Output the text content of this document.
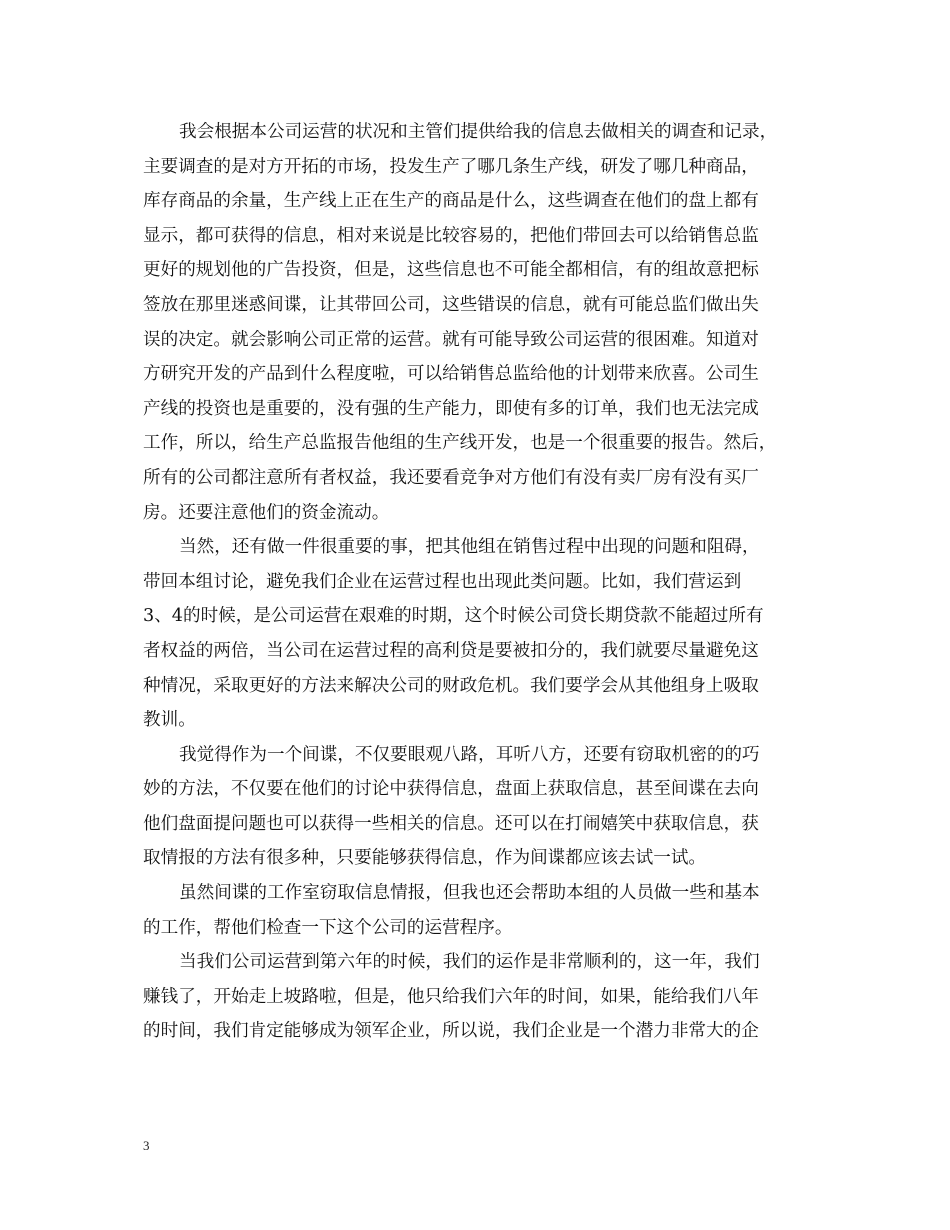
我会根据本公司运营的状况和主管们提供给我的信息去做相关的调查和记录，
主要调查的是对方开拓的市场，投发生产了哪几条生产线，研发了哪几种商品，
库存商品的余量，生产线上正在生产的商品是什么，这些调查在他们的盘上都有
显示，都可获得的信息，相对来说是比较容易的，把他们带回去可以给销售总监
更好的规划他的广告投资，但是，这些信息也不可能全都相信，有的组故意把标
签放在那里迷惑间谍，让其带回公司，这些错误的信息，就有可能总监们做出失
误的决定。就会影响公司正常的运营。就有可能导致公司运营的很困难。知道对
方研究开发的产品到什么程度啦，可以给销售总监给他的计划带来欣喜。公司生
产线的投资也是重要的，没有强的生产能力，即使有多的订单，我们也无法完成
工作，所以，给生产总监报告他组的生产线开发，也是一个很重要的报告。然后，
所有的公司都注意所有者权益，我还要看竞争对方他们有没有卖厂房有没有买厂
房。还要注意他们的资金流动。
当然，还有做一件很重要的事，把其他组在销售过程中出现的问题和阻碍，
带回本组讨论，避免我们企业在运营过程也出现此类问题。比如，我们营运到
3、4的时候，是公司运营在艰难的时期，这个时候公司贷长期贷款不能超过所有
者权益的两倍，当公司在运营过程的高利贷是要被扣分的，我们就要尽量避免这
种情况，采取更好的方法来解决公司的财政危机。我们要学会从其他组身上吸取
教训。
我觉得作为一个间谍，不仅要眼观八路，耳听八方，还要有窃取机密的的巧
妙的方法，不仅要在他们的讨论中获得信息，盘面上获取信息，甚至间谍在去向
他们盘面提问题也可以获得一些相关的信息。还可以在打闹嬉笑中获取信息，获
取情报的方法有很多种，只要能够获得信息，作为间谍都应该去试一试。
虽然间谍的工作室窃取信息情报，但我也还会帮助本组的人员做一些和基本
的工作，帮他们检查一下这个公司的运营程序。
当我们公司运营到第六年的时候，我们的运作是非常顺利的，这一年，我们
赚钱了，开始走上坡路啦，但是，他只给我们六年的时间，如果，能给我们八年
的时间，我们肯定能够成为领军企业，所以说，我们企业是一个潜力非常大的企
3
